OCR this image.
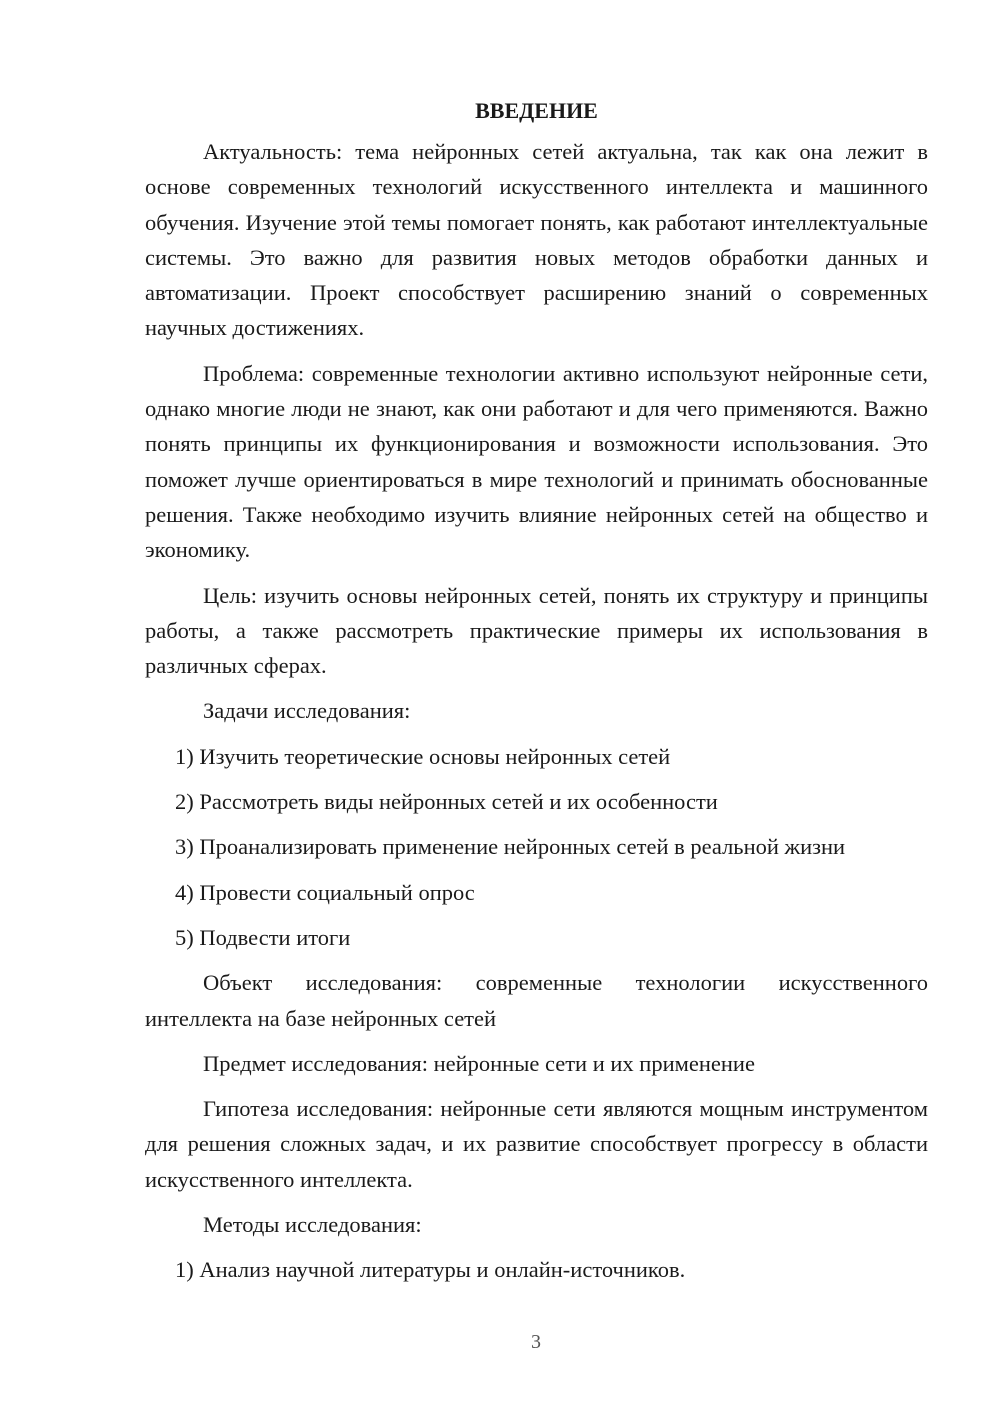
ВВЕДЕНИЕ

Актуальность: тема нейронных сетей актуальна, так как она лежит в основе современных технологий искусственного интеллекта и машинного обучения. Изучение этой темы помогает понять, как работают интеллектуальные системы. Это важно для развития новых методов обработки данных и автоматизации. Проект способствует расширению знаний о современных научных достижениях.

Проблема: современные технологии активно используют нейронные сети, однако многие люди не знают, как они работают и для чего применяются. Важно понять принципы их функционирования и возможности использования. Это поможет лучше ориентироваться в мире технологий и принимать обоснованные решения. Также необходимо изучить влияние нейронных сетей на общество и экономику.

Цель: изучить основы нейронных сетей, понять их структуру и принципы работы, а также рассмотреть практические примеры их использования в различных сферах.

Задачи исследования:

1) Изучить теоретические основы нейронных сетей

2) Рассмотреть виды нейронных сетей и их особенности

3) Проанализировать применение нейронных сетей в реальной жизни

4) Провести социальный опрос

5) Подвести итоги

Объект исследования: современные технологии искусственного интеллекта на базе нейронных сетей

Предмет исследования: нейронные сети и их применение

Гипотеза исследования: нейронные сети являются мощным инструментом для решения сложных задач, и их развитие способствует прогрессу в области искусственного интеллекта.

Методы исследования:

1) Анализ научной литературы и онлайн-источников.

3
